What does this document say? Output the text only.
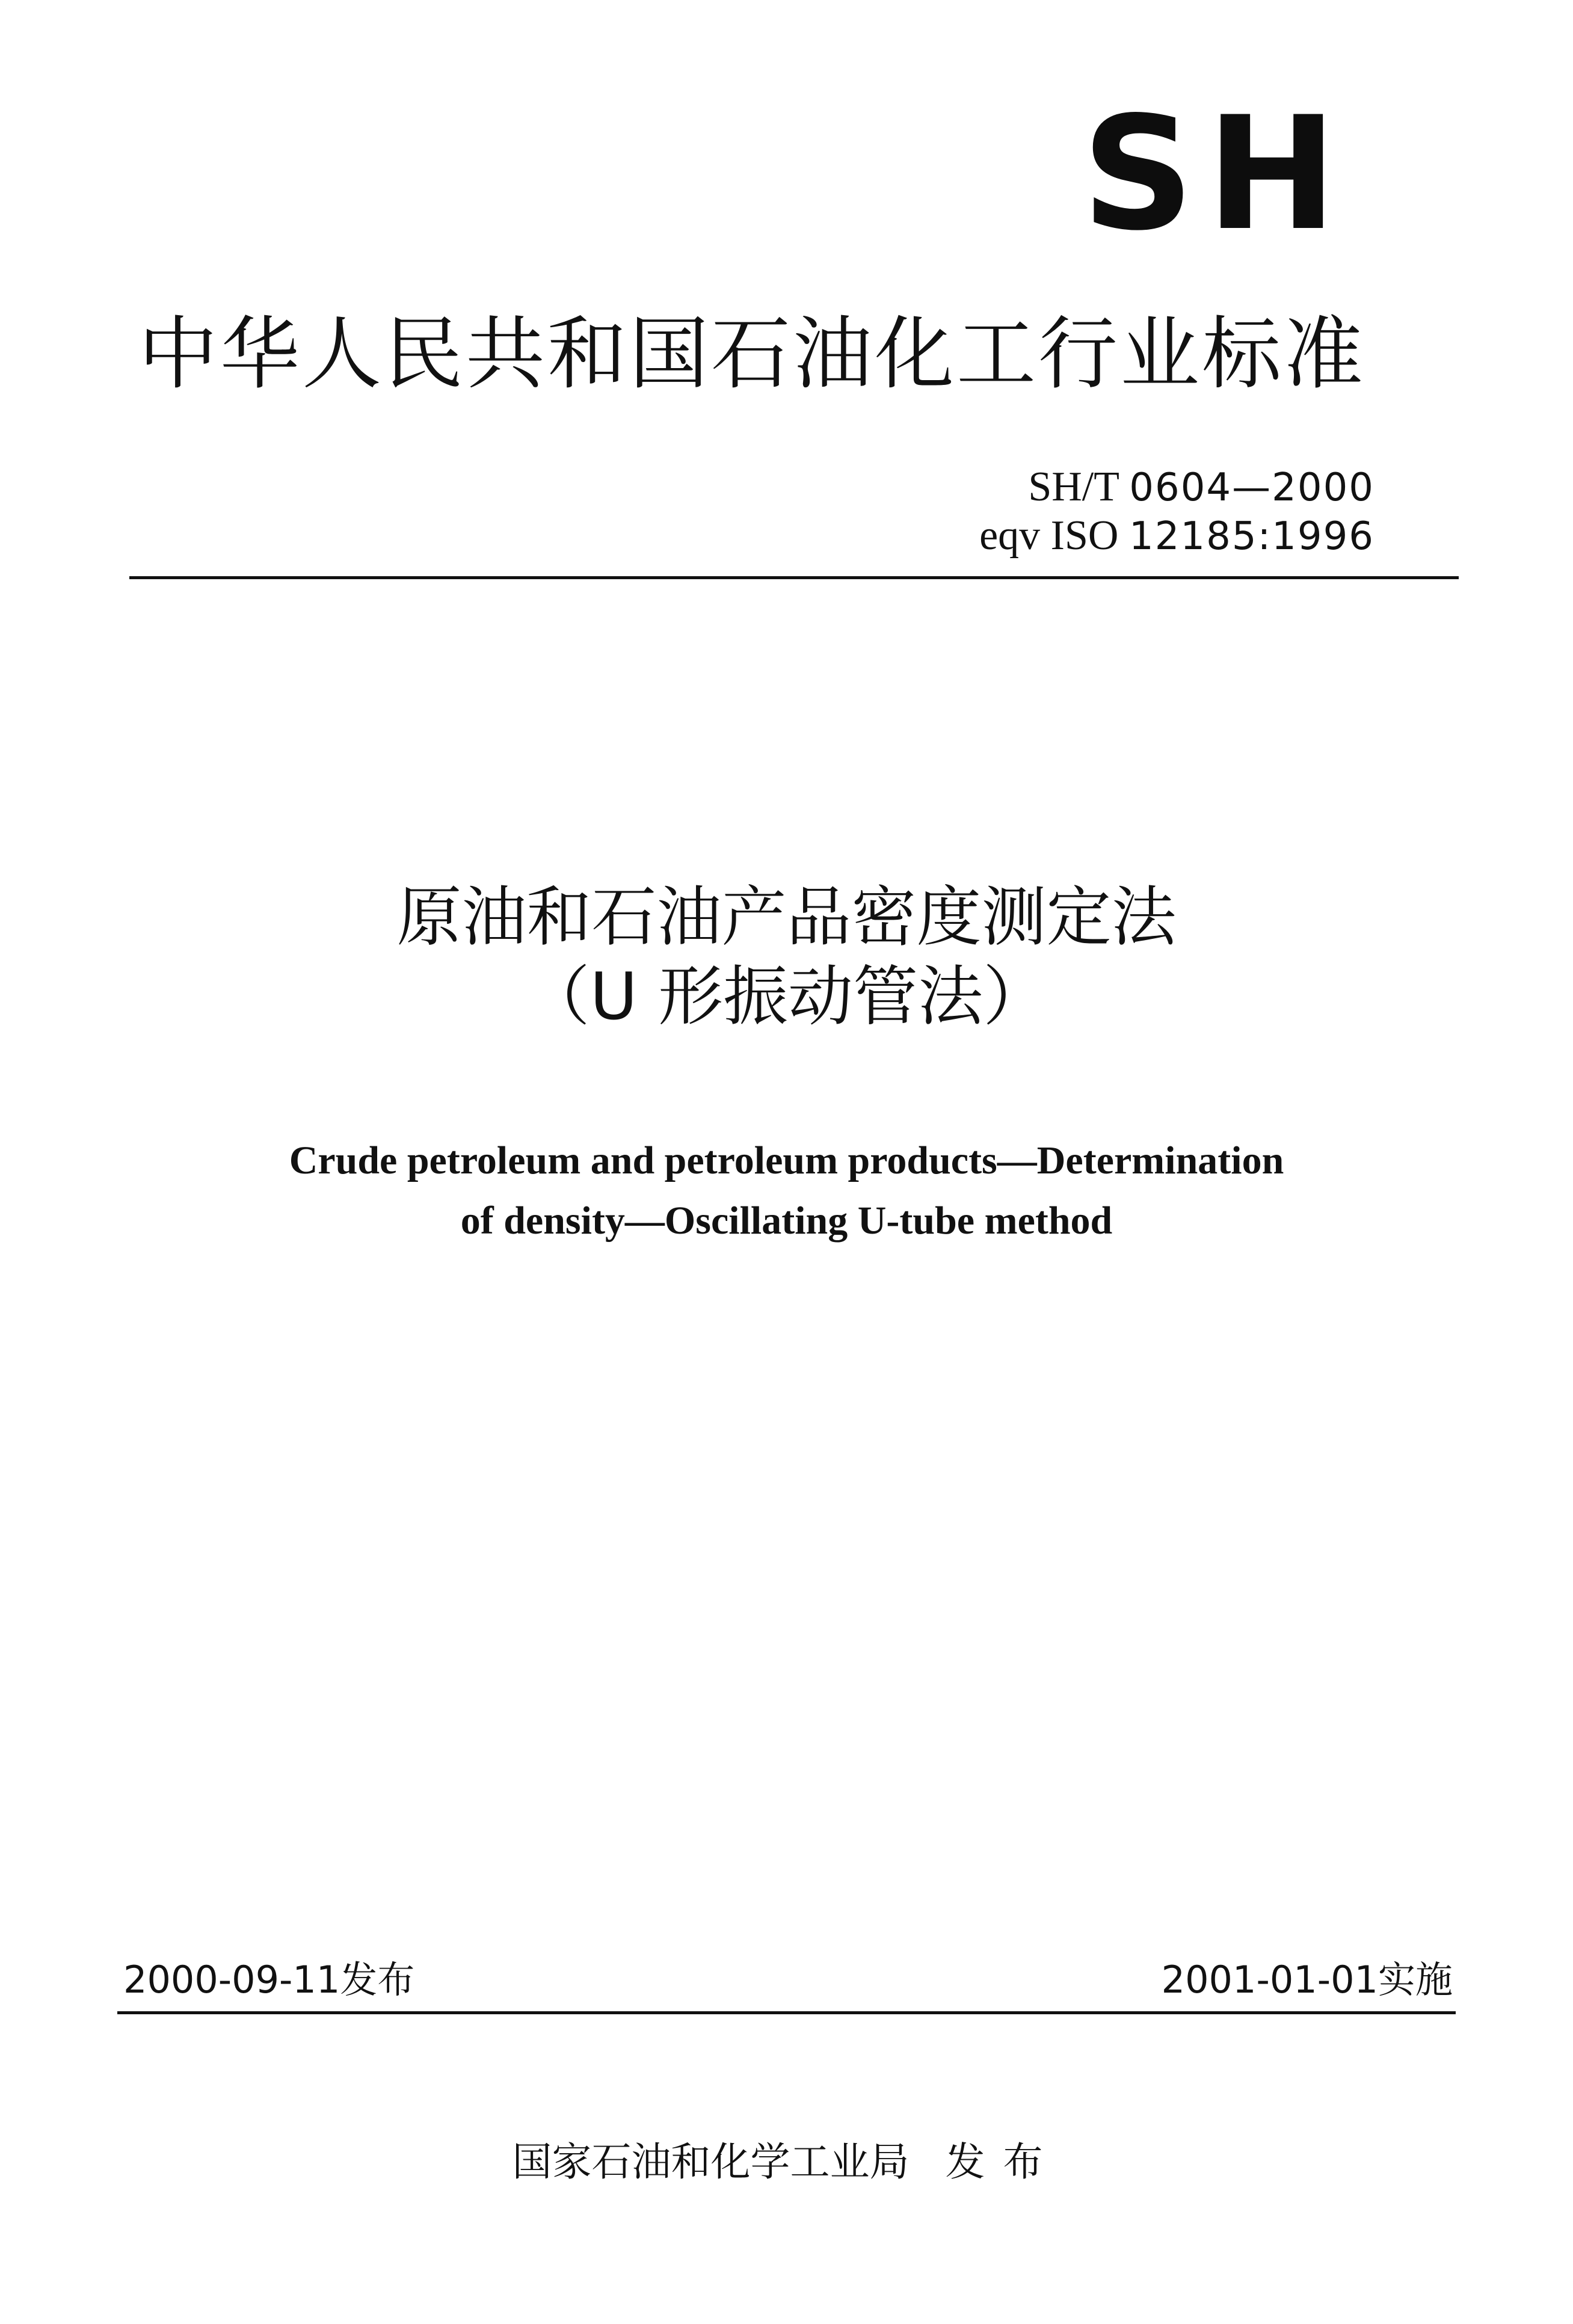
SH
中华人民共和国石油化工行业标准
SH/T 0604—2000
eqv ISO 12185:1996
原油和石油产品密度测定法
（U 形振动管法）
Crude petroleum and petroleum products—Determination
of density—Oscillating U-tube method
2000-09-11发布	2001-01-01实施
国家石油和化学工业局 发布
